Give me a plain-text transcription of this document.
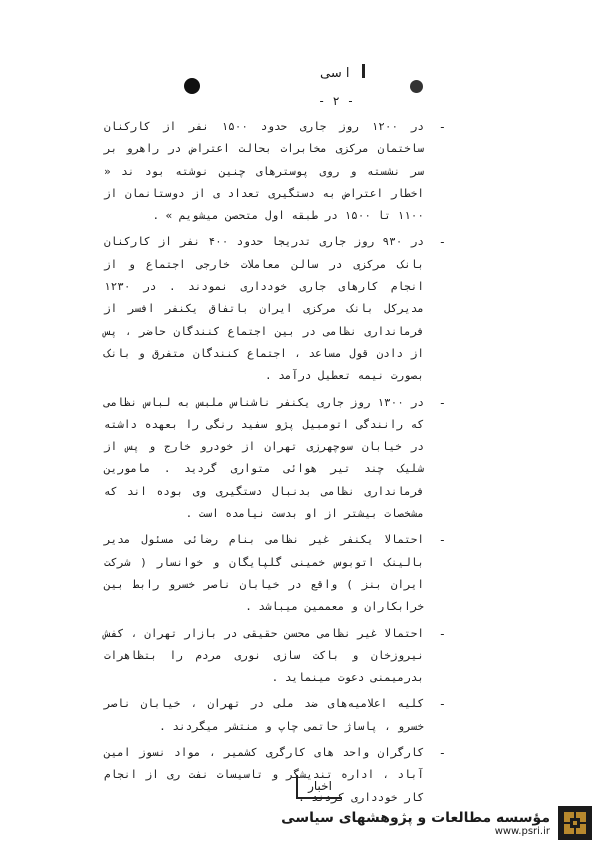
ا سی
- ۲ -
-
در ۱۲۰۰ روز جاری حدود ۱۵۰۰ نفر از کارکنان ساختمان مرکزی مخابرات بحالت اعتراض در راهرو بر سر نشسته و روی پوسترهای چنین نوشته بود ند « اخطار اعتراض به دستگیری تعداد ی از دوستانمان از ۱۱۰۰ تا ۱۵۰۰ در طبقه اول متحصن میشویم » .
-
در ۹۳۰ روز جاری تدریجا حدود ۴۰۰ نفر از کارکنان بانک مرکزی در سالن معاملات خارجی اجتماع و از انجام کارهای جاری خودداری نمودند . در ۱۲۳۰ مدیرکل بانک مرکزی ایران باتفاق یکنفر افسر از فرمانداری نظامی در بین اجتماع کنندگان حاضر ، پس از دادن قول مساعد ، اجتماع کنندگان متفرق و بانک بصورت نیمه تعطیل درآمد .
-
در ۱۳۰۰ روز جاری یکنفر ناشناس ملبس به لباس نظامی که رانندگی اتومبیل پژو سفید رنگی را بعهده داشته در خیابان سوچهرزی تهران از خودرو خارج و پس از شلیک چند تیر هوائی متواری گردید . مامورین فرمانداری نظامی بدنبال دستگیری وی بوده اند که مشخصات بیشتر از او بدست نیامده است .
-
احتمالا یکنفر غیر نظامی بنام رضائی مسئول مدیر بالینک اتوبوس خمینی گلپایگان و خوانسار ( شرکت ایران بنز ) واقع در خیابان ناصر خسرو رابط بین خرابکاران و معممین میباشد .
-
احتمالا غیر نظامی محسن حقیقی در بازار تهران ، کفش نیروزخان و باکت سازی نوری مردم را بتظاهرات بدرمیمنی دعوت مینماید .
-
کلیه اعلامیه‌های ضد ملی در تهران ، خیابان ناصر خسرو ، پاساژ حاتمی چاپ و منتشر میگردند .
-
کارگران واحد های کارگری کشمیر ، مواد نسوز امین آباد ، اداره تندیشگر و تاسیسات نفت ری از انجام کار خودداری کردند .
اخبار
مؤسسه مطالعات و پژوهشهای سیاسی
www.psri.ir
